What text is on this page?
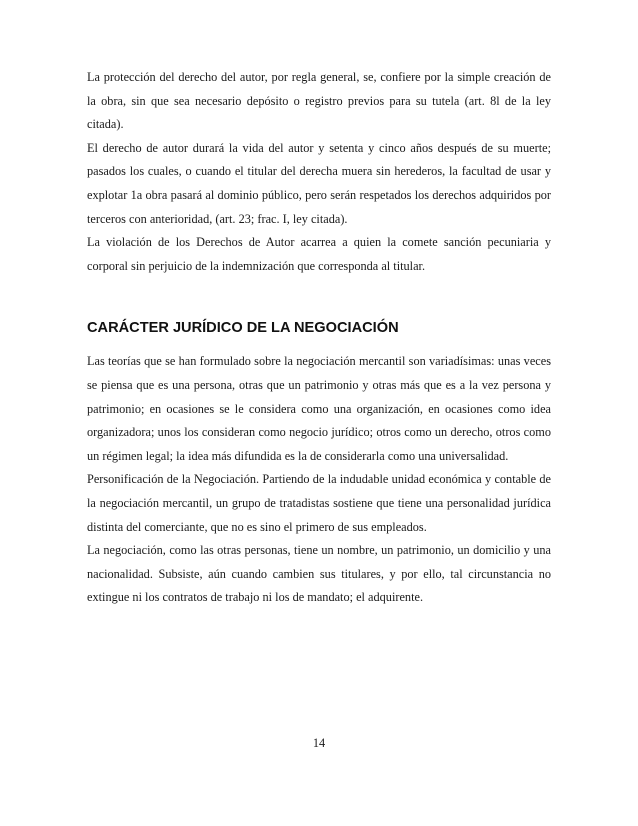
La protección del derecho del autor, por regla general, se, confiere por la simple creación de la obra, sin que sea necesario depósito o registro previos para su tutela (art. 8l de la ley citada).

El derecho de autor durará la vida del autor y setenta y cinco años después de su muerte; pasados los cuales, o cuando el titular del derecha muera sin herederos, la facultad de usar y explotar 1a obra pasará al dominio público, pero serán respetados los derechos adquiridos por terceros con anterioridad, (art. 23; frac. I, ley citada).

La violación de los Derechos de Autor acarrea a quien la comete sanción pecuniaria y corporal sin perjuicio de la indemnización que corresponda al titular.

CARÁCTER JURÍDICO DE LA NEGOCIACIÓN

Las teorías que se han formulado sobre la negociación mercantil son variadísimas: unas veces se piensa que es una persona, otras que un patrimonio y otras más que es a la vez persona y patrimonio; en ocasiones se le considera como una organización, en ocasiones como idea organizadora; unos los consideran como negocio jurídico; otros como un derecho, otros como un régimen legal; la idea más difundida es la de considerarla como una universalidad.

Personificación de la Negociación. Partiendo de la indudable unidad económica y contable de la negociación mercantil, un grupo de tratadistas sostiene que tiene una personalidad jurídica distinta del comerciante, que no es sino el primero de sus empleados.

La negociación, como las otras personas, tiene un nombre, un patrimonio, un domicilio y una nacionalidad. Subsiste, aún cuando cambien sus titulares, y por ello, tal circunstancia no extingue ni los contratos de trabajo ni los de mandato; el adquirente.

14
